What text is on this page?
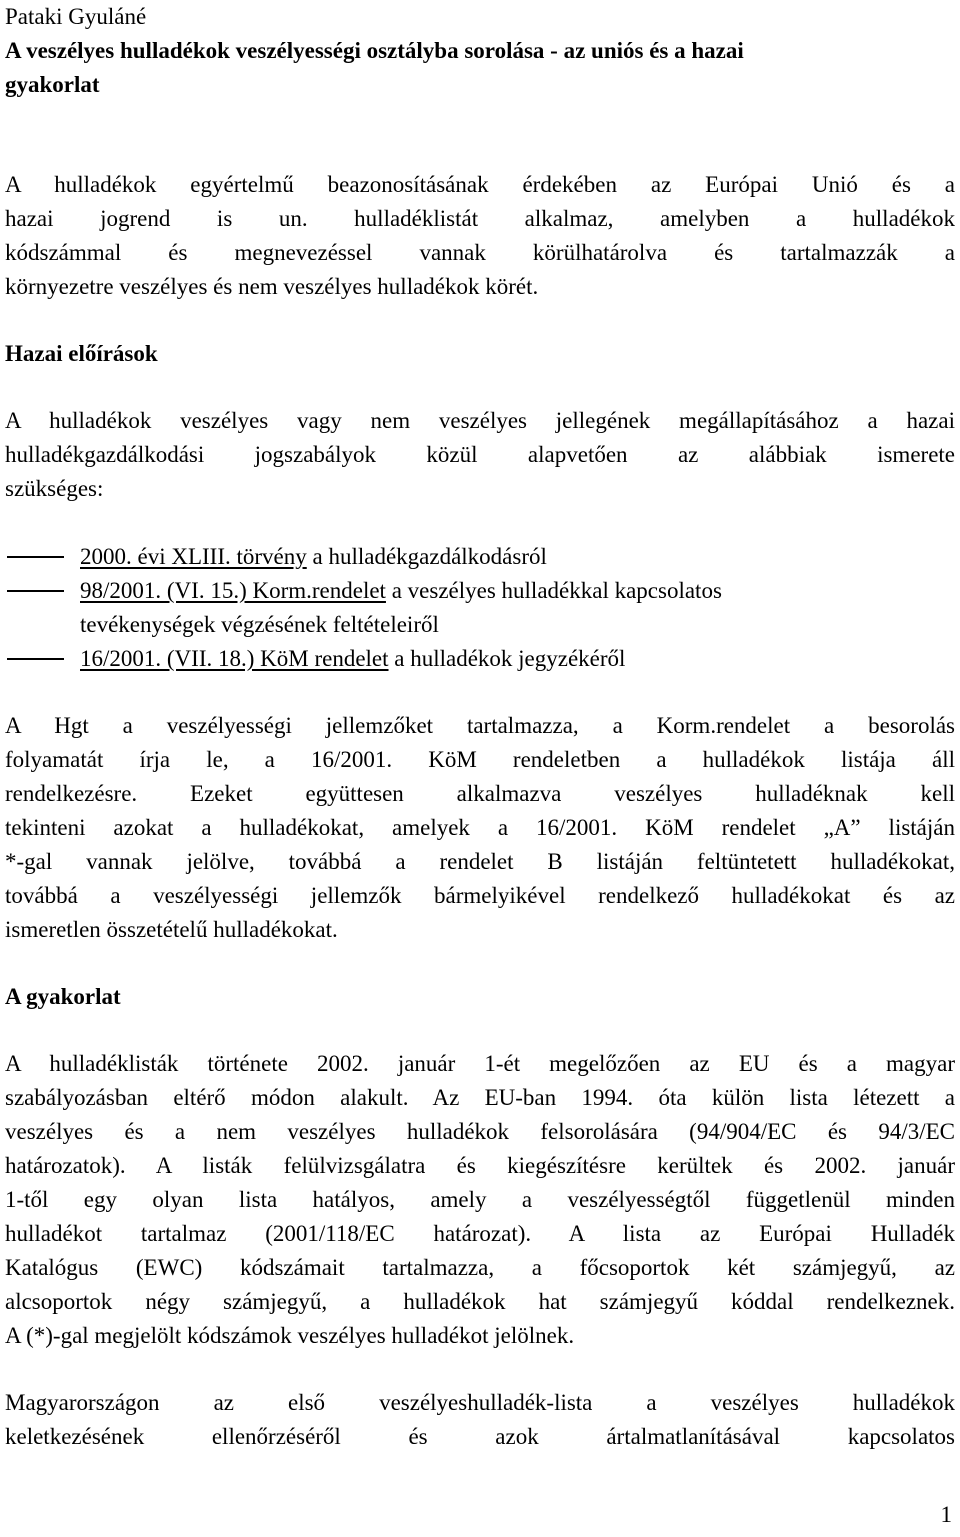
Pataki Gyuláné
A veszélyes hulladékok veszélyességi osztályba sorolása - az uniós és a hazai
gyakorlat
A hulladékok egyértelmű beazonosításának érdekében az Európai Unió és a
hazai jogrend is un. hulladéklistát alkalmaz, amelyben a hulladékok
kódszámmal és megnevezéssel vannak körülhatárolva és tartalmazzák a
környezetre veszélyes és nem veszélyes hulladékok körét.
Hazai előírások
A hulladékok veszélyes vagy nem veszélyes jellegének megállapításához a hazai
hulladékgazdálkodási jogszabályok közül alapvetően az alábbiak ismerete
szükséges:
2000. évi XLIII. törvény a hulladékgazdálkodásról
98/2001. (VI. 15.) Korm.rendelet a veszélyes hulladékkal kapcsolatos
tevékenységek végzésének feltételeiről
16/2001. (VII. 18.) KöM rendelet a hulladékok jegyzékéről
A Hgt a veszélyességi jellemzőket tartalmazza, a Korm.rendelet a besorolás
folyamatát írja le, a 16/2001. KöM rendeletben a hulladékok listája áll
rendelkezésre. Ezeket együttesen alkalmazva veszélyes hulladéknak kell
tekinteni azokat a hulladékokat, amelyek a 16/2001. KöM rendelet „A” listáján
*-gal vannak jelölve, továbbá a rendelet B listáján feltüntetett hulladékokat,
továbbá a veszélyességi jellemzők bármelyikével rendelkező hulladékokat és az
ismeretlen összetételű hulladékokat.
A gyakorlat
A hulladéklisták története 2002. január 1-ét megelőzően az EU és a magyar
szabályozásban eltérő módon alakult. Az EU-ban 1994. óta külön lista létezett a
veszélyes és a nem veszélyes hulladékok felsorolására (94/904/EC és 94/3/EC
határozatok). A listák felülvizsgálatra és kiegészítésre kerültek és 2002. január
1-től egy olyan lista hatályos, amely a veszélyességtől függetlenül minden
hulladékot tartalmaz (2001/118/EC határozat). A lista az Európai Hulladék
Katalógus (EWC) kódszámait tartalmazza, a főcsoportok két számjegyű, az
alcsoportok négy számjegyű, a hulladékok hat számjegyű kóddal rendelkeznek.
A (*)-gal megjelölt kódszámok veszélyes hulladékot jelölnek.
Magyarországon az első veszélyeshulladék-lista a veszélyes hulladékok
keletkezésének ellenőrzéséről és azok ártalmatlanításával kapcsolatos
1
